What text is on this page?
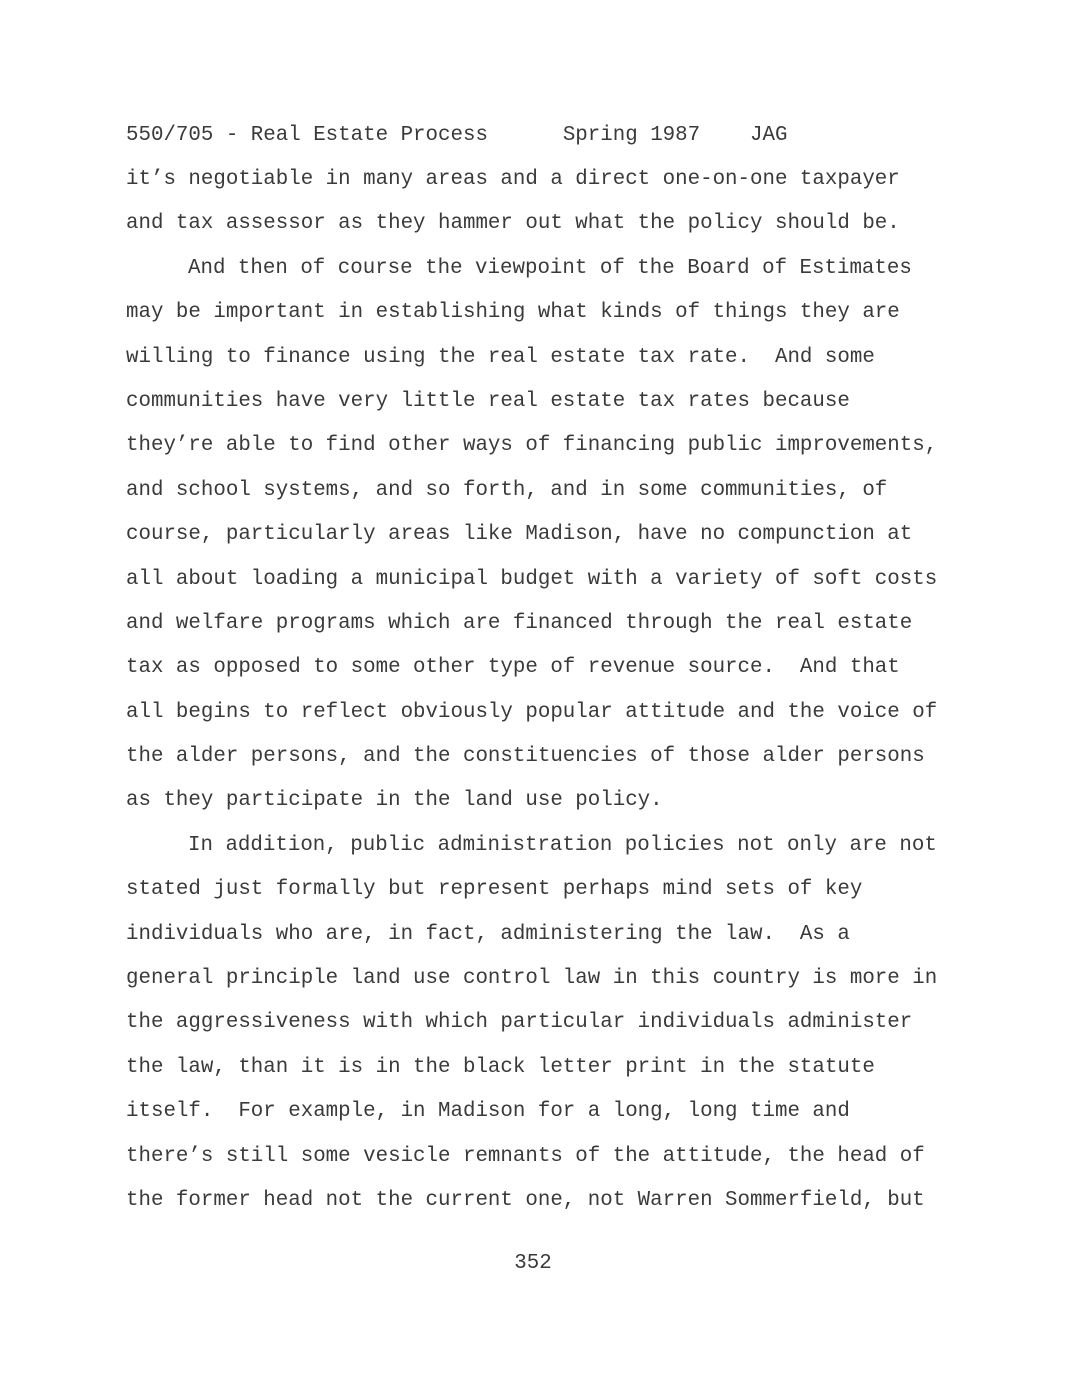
550/705 - Real Estate Process	Spring 1987 JAG
it’s negotiable in many areas and a direct one-on-one taxpayer
and tax assessor as they hammer out what the policy should be.
And then of course the viewpoint of the Board of Estimates
may be important in establishing what kinds of things they are
willing to finance using the real estate tax rate.  And some
communities have very little real estate tax rates because
they’re able to find other ways of financing public improvements,
and school systems, and so forth, and in some communities, of
course, particularly areas like Madison, have no compunction at
all about loading a municipal budget with a variety of soft costs
and welfare programs which are financed through the real estate
tax as opposed to some other type of revenue source.  And that
all begins to reflect obviously popular attitude and the voice of
the alder persons, and the constituencies of those alder persons
as they participate in the land use policy.
In addition, public administration policies not only are not
stated just formally but represent perhaps mind sets of key
individuals who are, in fact, administering the law.  As a
general principle land use control law in this country is more in
the aggressiveness with which particular individuals administer
the law, than it is in the black letter print in the statute
itself.  For example, in Madison for a long, long time and
there’s still some vesicle remnants of the attitude, the head of
the former head not the current one, not Warren Sommerfield, but
352
